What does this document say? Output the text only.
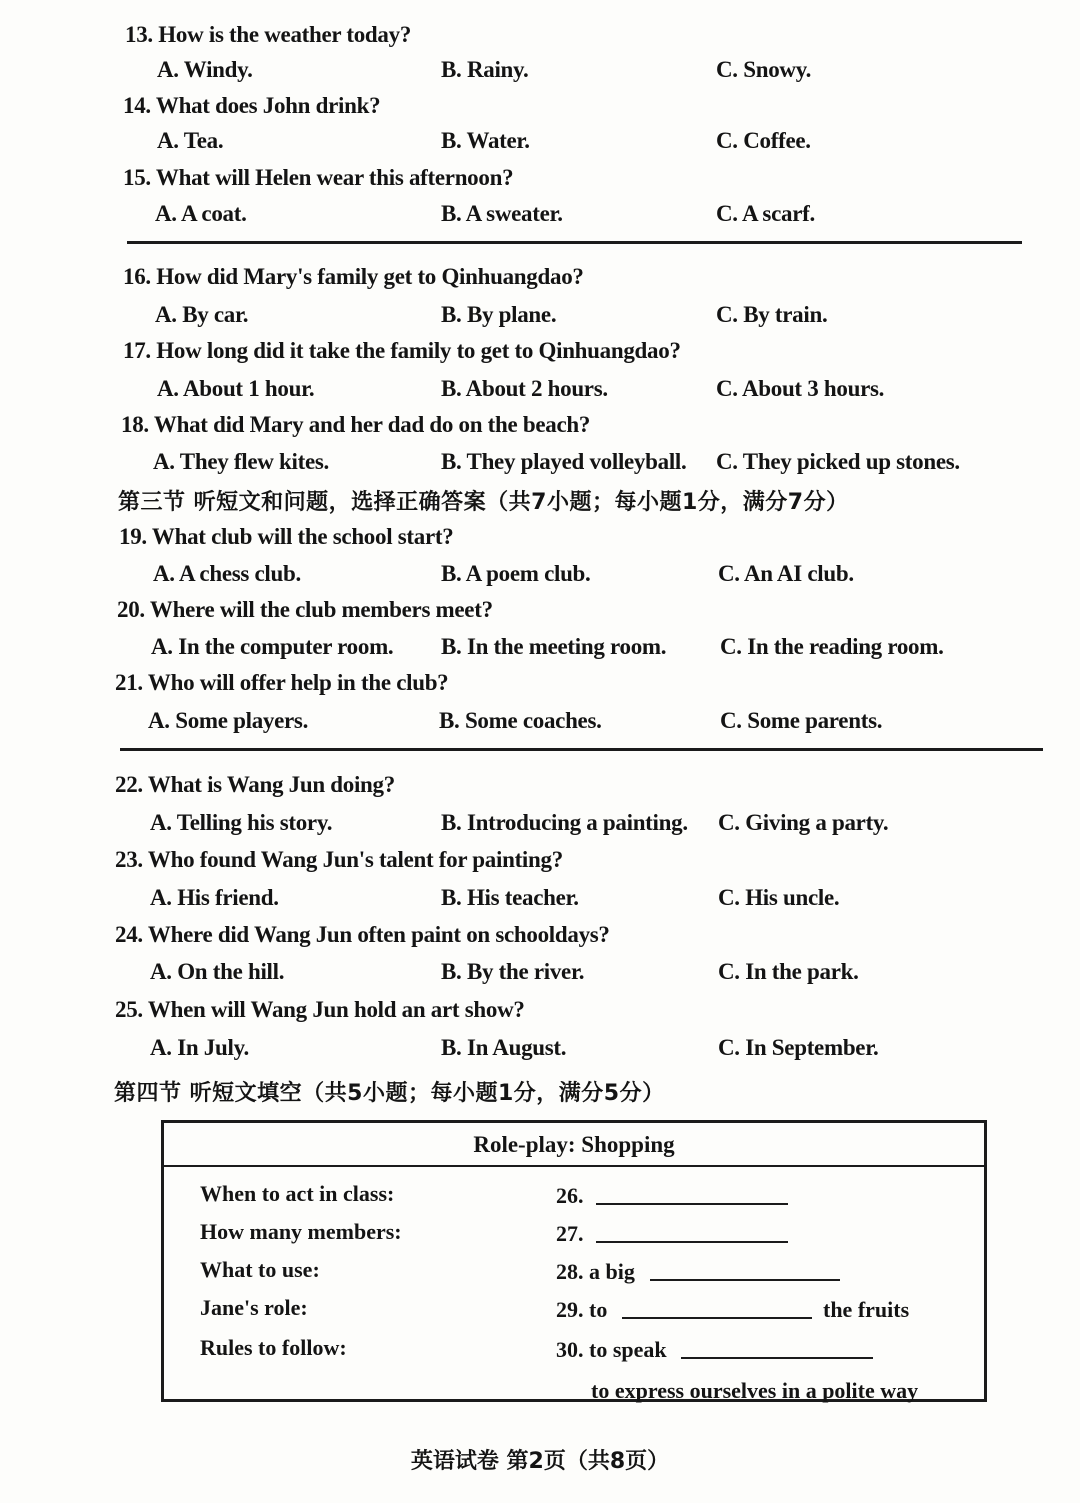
13. How is the weather today?
A. Windy.	B. Rainy.	C. Snowy.
14. What does John drink?
A. Tea.	B. Water.	C. Coffee.
15. What will Helen wear this afternoon?
A. A coat.	B. A sweater.	C. A scarf.
16. How did Mary's family get to Qinhuangdao?
A. By car.	B. By plane.	C. By train.
17. How long did it take the family to get to Qinhuangdao?
A. About 1 hour.	B. About 2 hours.	C. About 3 hours.
18. What did Mary and her dad do on the beach?
A. They flew kites.	B. They played volleyball. C. They picked up stones.
19. What club will the school start?
A. A chess club.	B. A poem club.	C. An AI club.
20. Where will the club members meet?
A. In the computer room. B. In the meeting room. C. In the reading room.
21. Who will offer help in the club?
A. Some players.	B. Some coaches.	C. Some parents.
22. What is Wang Jun doing?
A. Telling his story.	B. Introducing a painting. C. Giving a party.
23. Who found Wang Jun's talent for painting?
A. His friend.	B. His teacher.	C. His uncle.
24. Where did Wang Jun often paint on schooldays?
A. On the hill.	B. By the river.	C. In the park.
25. When will Wang Jun hold an art show?
A. In July.	B. In August.	C. In September.
第三节 听短文和问题，选择正确答案（共7小题；每小题1分，满分7分）
第四节 听短文填空（共5小题；每小题1分，满分5分）
Role-play: Shopping
When to act in class:	26.
How many members:	27.
What to use:	28. a big
Jane's role:	29. to	the fruits
Rules to follow:	30. to speak
to express ourselves in a polite way
英语试卷 第2页（共8页）
